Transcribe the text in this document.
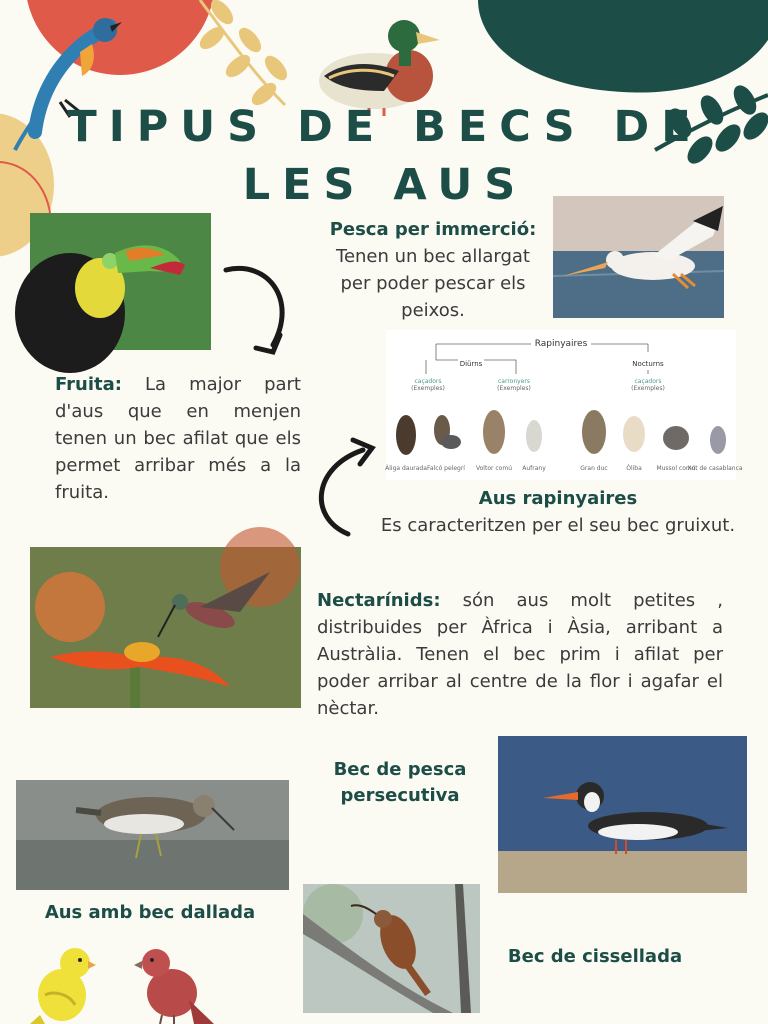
TIPUS DE BECS DE LES AUS
Pesca per immerció:
Tenen un bec allargat per poder pescar els peixos.
Fruita: La major part d'aus que en menjen tenen un bec afilat que els permet arribar més a la fruita.
Rapinyaires
Diürns	Nocturns
caçadors
(Exemples)
carronyers
(Exemples)
caçadors
(Exemples)
Àliga daurada Falcó pelegrí Voltor comú Aufrany	Gran duc	Òliba Mussol comú
Xot de casablanca
Aus rapinyaires
Es caracteritzen per el seu bec gruixut.
Nectarínids: són aus molt petites , distribuides per Àfrica i Àsia, arribant a Austràlia. Tenen el bec prim i afilat per poder arribar al centre de la flor i agafar el nèctar.
Bec de pesca persecutiva
Aus amb bec dallada
Bec de cissellada
